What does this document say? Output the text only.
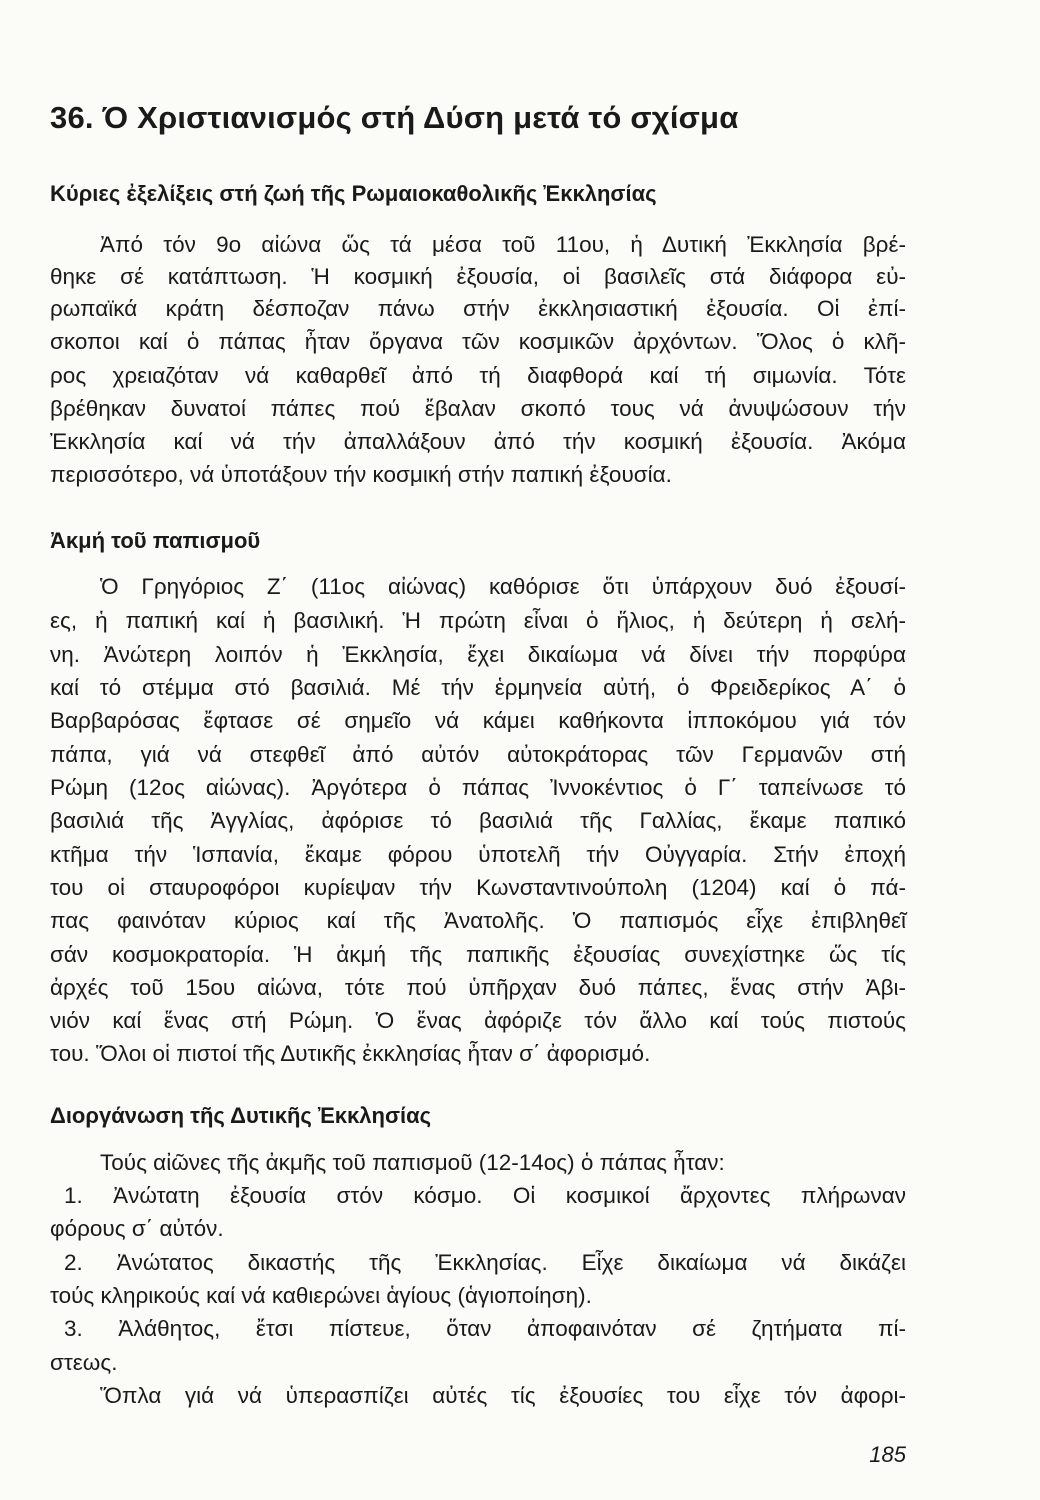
36. Ό Χριστιανισμός στή Δύση μετά τό σχίσμα
Κύριες ἐξελίξεις στή ζωή τῆς Ρωμαιοκαθολικῆς Ἐκκλησίας

Ἀπό τόν 9ο αἰώνα ὥς τά μέσα τοῦ 11ου, ἡ Δυτική Ἐκκλησία βρέ-

θηκε σέ κατάπτωση. Ἡ κοσμική ἐξουσία, οἱ βασιλεῖς στά διάφορα εὐ-

ρωπαϊκά κράτη δέσποζαν πάνω στήν ἐκκλησιαστική ἐξουσία. Οἱ ἐπί-

σκοποι καί ὁ πάπας ἦταν ὄργανα τῶν κοσμικῶν ἀρχόντων. Ὅλος ὁ κλῆ-

ρος χρειαζόταν νά καθαρθεῖ ἀπό τή διαφθορά καί τή σιμωνία. Τότε

βρέθηκαν δυνατοί πάπες πού ἔβαλαν σκοπό τους νά ἀνυψώσουν τήν

Ἐκκλησία καί νά τήν ἀπαλλάξουν ἀπό τήν κοσμική ἐξουσία. Ἀκόμα

περισσότερο, νά ὑποτάξουν τήν κοσμική στήν παπική ἐξουσία.

Ἀκμή τοῦ παπισμοῦ

Ὁ Γρηγόριος Ζ΄ (11ος αἰώνας) καθόρισε ὅτι ὑπάρχουν δυό ἐξουσί-

ες, ἡ παπική καί ἡ βασιλική. Ἡ πρώτη εἶναι ὁ ἥλιος, ἡ δεύτερη ἡ σελή-

νη. Ἀνώτερη λοιπόν ἡ Ἐκκλησία, ἔχει δικαίωμα νά δίνει τήν πορφύρα

καί τό στέμμα στό βασιλιά. Μέ τήν ἑρμηνεία αὐτή, ὁ Φρειδερίκος Α΄ ὁ

Βαρβαρόσας ἔφτασε σέ σημεῖο νά κάμει καθήκοντα ἱπποκόμου γιά τόν

πάπα, γιά νά στεφθεῖ ἀπό αὐτόν αὐτοκράτορας τῶν Γερμανῶν στή

Ρώμη (12ος αἰώνας). Ἀργότερα ὁ πάπας Ἰννοκέντιος ὁ Γ΄ ταπείνωσε τό

βασιλιά τῆς Ἀγγλίας, ἀφόρισε τό βασιλιά τῆς Γαλλίας, ἔκαμε παπικό

κτῆμα τήν Ἱσπανία, ἔκαμε φόρου ὑποτελῆ τήν Οὐγγαρία. Στήν ἐποχή

του οἱ σταυροφόροι κυρίεψαν τήν Κωνσταντινούπολη (1204) καί ὁ πά-

πας φαινόταν κύριος καί τῆς Ἀνατολῆς. Ὁ παπισμός εἶχε ἐπιβληθεῖ

σάν κοσμοκρατορία. Ἡ ἀκμή τῆς παπικῆς ἐξουσίας συνεχίστηκε ὥς τίς

ἀρχές τοῦ 15ου αἰώνα, τότε πού ὑπῆρχαν δυό πάπες, ἕνας στήν Ἀβι-

νιόν καί ἕνας στή Ρώμη. Ὁ ἕνας ἀφόριζε τόν ἄλλο καί τούς πιστούς

του. Ὅλοι οἱ πιστοί τῆς Δυτικῆς ἐκκλησίας ἦταν σ΄ ἀφορισμό.

Διοργάνωση τῆς Δυτικῆς Ἐκκλησίας

Τούς αἰῶνες τῆς ἀκμῆς τοῦ παπισμοῦ (12-14ος) ὁ πάπας ἦταν:

1. Ἀνώτατη ἐξουσία στόν κόσμο. Οἱ κοσμικοί ἄρχοντες πλήρωναν

φόρους σ΄ αὐτόν.

2. Ἀνώτατος δικαστής τῆς Ἐκκλησίας. Εἶχε δικαίωμα νά δικάζει

τούς κληρικούς καί νά καθιερώνει ἁγίους (ἁγιοποίηση).

3. Ἀλάθητος, ἔτσι πίστευε, ὅταν ἀποφαινόταν σέ ζητήματα πί-

στεως.

Ὅπλα γιά νά ὑπερασπίζει αὐτές τίς ἐξουσίες του εἶχε τόν ἀφορι-

185
